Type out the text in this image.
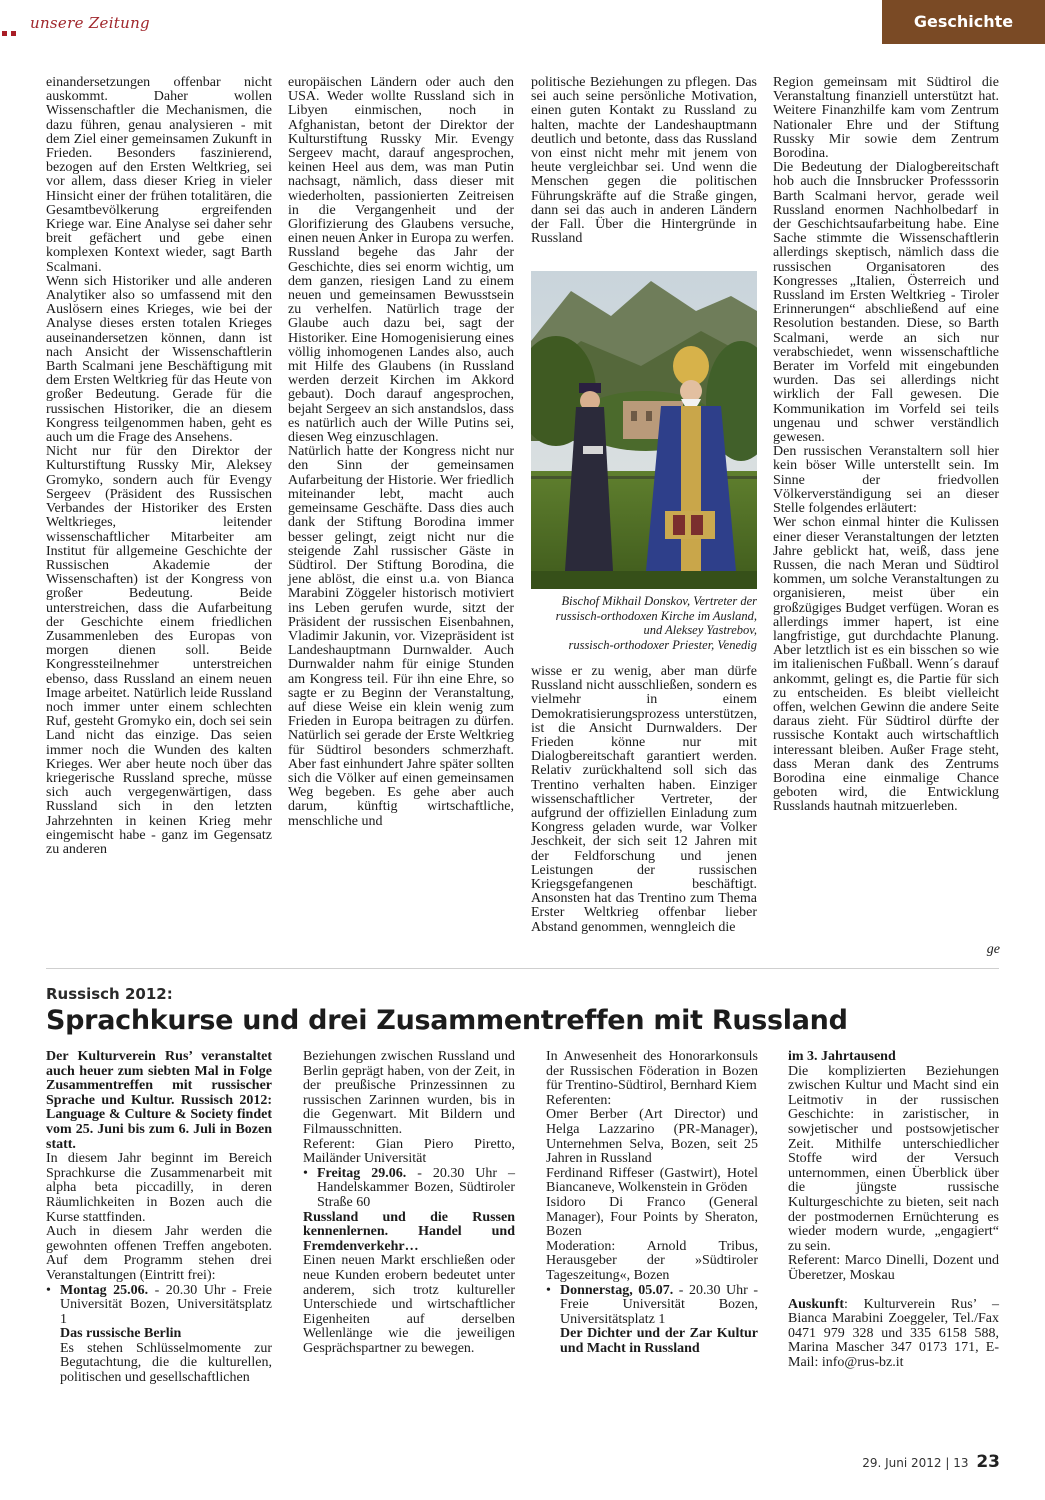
unsere Zeitung	Geschichte

einandersetzungen offenbar nicht auskommt. Daher wollen Wissenschaftler die Mechanismen, die dazu führen, genau analysieren - mit dem Ziel einer gemeinsamen Zukunft in Frieden. Besonders faszinierend, bezogen auf den Ersten Weltkrieg, sei vor allem, dass dieser Krieg in vieler Hinsicht einer der frühen totalitären, die Gesamtbevölkerung ergreifenden Kriege war. Eine Analyse sei daher sehr breit gefächert und gebe einen komplexen Kontext wieder, sagt Barth Scalmani.

Wenn sich Historiker und alle anderen Analytiker also so umfassend mit den Auslösern eines Krieges, wie bei der Analyse dieses ersten totalen Krieges auseinandersetzen können, dann ist nach Ansicht der Wissenschaftlerin Barth Scalmani jene Beschäftigung mit dem Ersten Weltkrieg für das Heute von großer Bedeutung. Gerade für die russischen Historiker, die an diesem Kongress teilgenommen haben, geht es auch um die Frage des Ansehens.

Nicht nur für den Direktor der Kulturstiftung Russky Mir, Aleksey Gromyko, sondern auch für Evengy Sergeev (Präsident des Russischen Verbandes der Historiker des Ersten Weltkrieges, leitender wissenschaftlicher Mitarbeiter am Institut für allgemeine Geschichte der Russischen Akademie der Wissenschaften) ist der Kongress von großer Bedeutung. Beide unterstreichen, dass die Aufarbeitung der Geschichte einem friedlichen Zusammenleben des Europas von morgen dienen soll. Beide Kongressteilnehmer unterstreichen ebenso, dass Russland an einem neuen Image arbeitet. Natürlich leide Russland noch immer unter einem schlechten Ruf, gesteht Gromyko ein, doch sei sein Land nicht das einzige. Das seien immer noch die Wunden des kalten Krieges. Wer aber heute noch über das kriegerische Russland spreche, müsse sich auch vergegenwärtigen, dass Russland sich in den letzten Jahrzehnten in keinen Krieg mehr eingemischt habe - ganz im Gegensatz zu anderen

europäischen Ländern oder auch den USA. Weder wollte Russland sich in Libyen einmischen, noch in Afghanistan, betont der Direktor der Kulturstiftung Russky Mir. Evengy Sergeev macht, darauf angesprochen, keinen Heel aus dem, was man Putin nachsagt, nämlich, dass dieser mit wiederholten, passionierten Zeitreisen in die Vergangenheit und der Glorifizierung des Glaubens versuche, einen neuen Anker in Europa zu werfen. Russland begehe das Jahr der Geschichte, dies sei enorm wichtig, um dem ganzen, riesigen Land zu einem neuen und gemeinsamen Bewusstsein zu verhelfen. Natürlich trage der Glaube auch dazu bei, sagt der Historiker. Eine Homogenisierung eines völlig inhomogenen Landes also, auch mit Hilfe des Glaubens (in Russland werden derzeit Kirchen im Akkord gebaut). Doch darauf angesprochen, bejaht Sergeev an sich anstandslos, dass es natürlich auch der Wille Putins sei, diesen Weg einzuschlagen.

Natürlich hatte der Kongress nicht nur den Sinn der gemeinsamen Aufarbeitung der Historie. Wer friedlich miteinander lebt, macht auch gemeinsame Geschäfte. Dass dies auch dank der Stiftung Borodina immer besser gelingt, zeigt nicht nur die steigende Zahl russischer Gäste in Südtirol. Der Stiftung Borodina, die jene ablöst, die einst u.a. von Bianca Marabini Zöggeler historisch motiviert ins Leben gerufen wurde, sitzt der Präsident der russischen Eisenbahnen, Vladimir Jakunin, vor. Vizepräsident ist Landeshauptmann Durnwalder. Auch Durnwalder nahm für einige Stunden am Kongress teil. Für ihn eine Ehre, so sagte er zu Beginn der Veranstaltung, auf diese Weise ein klein wenig zum Frieden in Europa beitragen zu dürfen. Natürlich sei gerade der Erste Weltkrieg für Südtirol besonders schmerzhaft. Aber fast einhundert Jahre später sollten sich die Völker auf einen gemeinsamen Weg begeben. Es gehe aber auch darum, künftig wirtschaftliche, menschliche und

politische Beziehungen zu pflegen. Das sei auch seine persönliche Motivation, einen guten Kontakt zu Russland zu halten, machte der Landeshauptmann deutlich und betonte, dass das Russland von einst nicht mehr mit jenem von heute vergleichbar sei. Und wenn die Menschen gegen die politischen Führungskräfte auf die Straße gingen, dann sei das auch in anderen Ländern der Fall. Über die Hintergründe in Russland

Bischof Mikhail Donskov, Vertreter der
russisch-orthodoxen Kirche im Ausland,
und Aleksey Yastrebov,
russisch-orthodoxer Priester, Venedig

wisse er zu wenig, aber man dürfe Russland nicht ausschließen, sondern es vielmehr in einem Demokratisierungsprozess unterstützen, ist die Ansicht Durnwalders. Der Frieden könne nur mit Dialogbereitschaft garantiert werden. Relativ zurückhaltend soll sich das Trentino verhalten haben. Einziger wissenschaftlicher Vertreter, der aufgrund der offiziellen Einladung zum Kongress geladen wurde, war Volker Jeschkeit, der sich seit 12 Jahren mit der Feldforschung und jenen Leistungen der russischen Kriegsgefangenen beschäftigt. Ansonsten hat das Trentino zum Thema Erster Weltkrieg offenbar lieber Abstand genommen, wenngleich die

Region gemeinsam mit Südtirol die Veranstaltung finanziell unterstützt hat. Weitere Finanzhilfe kam vom Zentrum Nationaler Ehre und der Stiftung Russky Mir sowie dem Zentrum Borodina.

Die Bedeutung der Dialogbereitschaft hob auch die Innsbrucker Professsorin Barth Scalmani hervor, gerade weil Russland enormen Nachholbedarf in der Geschichtsaufarbeitung habe. Eine Sache stimmte die Wissenschaftlerin allerdings skeptisch, nämlich dass die russischen Organisatoren des Kongresses „Italien, Österreich und Russland im Ersten Weltkrieg - Tiroler Erinnerungen“ abschließend auf eine Resolution bestanden. Diese, so Barth Scalmani, werde an sich nur verabschiedet, wenn wissenschaftliche Berater im Vorfeld mit eingebunden wurden. Das sei allerdings nicht wirklich der Fall gewesen. Die Kommunikation im Vorfeld sei teils ungenau und schwer verständlich gewesen.

Den russischen Veranstaltern soll hier kein böser Wille unterstellt sein. Im Sinne der friedvollen Völkerverständigung sei an dieser Stelle folgendes erläutert:

Wer schon einmal hinter die Kulissen einer dieser Veranstaltungen der letzten Jahre geblickt hat, weiß, dass jene Russen, die nach Meran und Südtirol kommen, um solche Veranstaltungen zu organisieren, meist über ein großzügiges Budget verfügen. Woran es allerdings immer hapert, ist eine langfristige, gut durchdachte Planung. Aber letztlich ist es ein bisschen so wie im italienischen Fußball. Wenn´s darauf ankommt, gelingt es, die Partie für sich zu entscheiden. Es bleibt vielleicht offen, welchen Gewinn die andere Seite daraus zieht. Für Südtirol dürfte der russische Kontakt auch wirtschaftlich interessant bleiben. Außer Frage steht, dass Meran dank des Zentrums Borodina eine einmalige Chance geboten wird, die Entwicklung Russlands hautnah mitzuerleben.

ge
Russisch 2012:
Sprachkurse und drei Zusammentreffen mit Russland

Der Kulturverein Rus’ veranstaltet auch heuer zum siebten Mal in Folge Zusammentreffen mit russischer Sprache und Kultur. Russisch 2012: Language & Culture & Society findet vom 25. Juni bis zum 6. Juli in Bozen statt.

In diesem Jahr beginnt im Bereich Sprachkurse die Zusammenarbeit mit alpha beta piccadilly, in deren Räumlichkeiten in Bozen auch die Kurse stattfinden.

Auch in diesem Jahr werden die gewohnten offenen Treffen angeboten. Auf dem Programm stehen drei Veranstaltungen (Eintritt frei):

• Montag 25.06. - 20.30 Uhr - Freie Universität Bozen, Universitätsplatz 1

Das russische Berlin

Es stehen Schlüsselmomente zur Begutachtung, die die kulturellen, politischen und gesellschaftlichen

Beziehungen zwischen Russland und Berlin geprägt haben, von der Zeit, in der preußische Prinzessinnen zu russischen Zarinnen wurden, bis in die Gegenwart. Mit Bildern und Filmausschnitten.

Referent: Gian Piero Piretto, Mailänder Universität

• Freitag 29.06. - 20.30 Uhr – Handelskammer Bozen, Südtiroler Straße 60

Russland und die Russen kennenlernen. Handel und Fremdenverkehr…

Einen neuen Markt erschließen oder neue Kunden erobern bedeutet unter anderem, sich trotz kultureller Unterschiede und wirtschaftlicher Eigenheiten auf derselben Wellenlänge wie die jeweiligen Gesprächspartner zu bewegen.

In Anwesenheit des Honorarkonsuls der Russischen Föderation in Bozen für Trentino-Südtirol, Bernhard Kiem

Referenten:

Omer Berber (Art Director) und Helga Lazzarino (PR-Manager), Unternehmen Selva, Bozen, seit 25 Jahren in Russland

Ferdinand Riffeser (Gastwirt), Hotel Biancaneve, Wolkenstein in Gröden

Isidoro Di Franco (General Manager), Four Points by Sheraton, Bozen

Moderation: Arnold Tribus, Herausgeber der »Südtiroler Tageszeitung«, Bozen

• Donnerstag, 05.07. - 20.30 Uhr - Freie Universität Bozen, Universitätsplatz 1

Der Dichter und der Zar Kultur und Macht in Russland

im 3. Jahrtausend

Die komplizierten Beziehungen zwischen Kultur und Macht sind ein Leitmotiv in der russischen Geschichte: in zaristischer, in sowjetischer und postsowjetischer Zeit. Mithilfe unterschiedlicher Stoffe wird der Versuch unternommen, einen Überblick über die jüngste russische Kulturgeschichte zu bieten, seit nach der postmodernen Ernüchterung es wieder modern wurde, „engagiert“ zu sein.

Referent: Marco Dinelli, Dozent und Überetzer, Moskau

Auskunft: Kulturverein Rus’ – Bianca Marabini Zoeggeler, Tel./Fax 0471 979 328 und 335 6158 588, Marina Mascher 347 0173 171, E-Mail: info@rus-bz.it

29. Juni 2012 | 13 23
